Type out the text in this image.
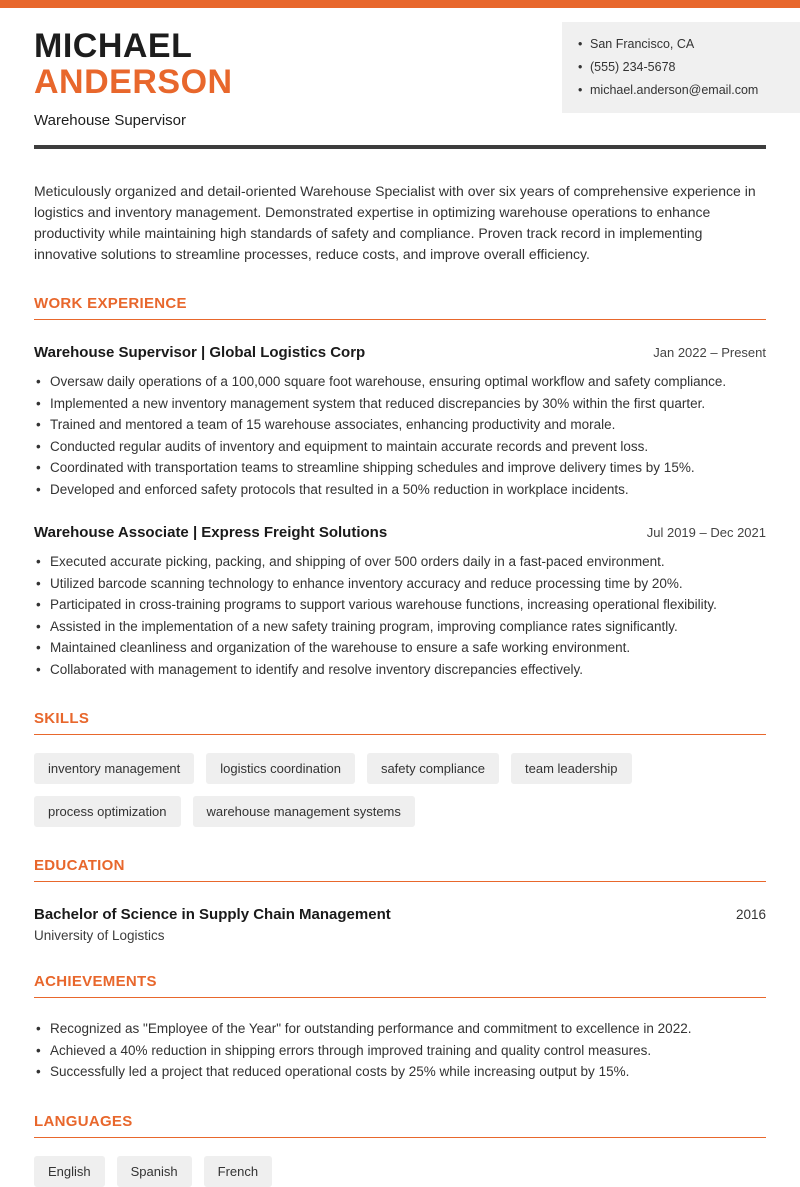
MICHAEL
ANDERSON
Warehouse Supervisor
• San Francisco, CA
• (555) 234-5678
• michael.anderson@email.com

Meticulously organized and detail-oriented Warehouse Specialist with over six years of comprehensive experience in logistics and inventory management. Demonstrated expertise in optimizing warehouse operations to enhance productivity while maintaining high standards of safety and compliance. Proven track record in implementing innovative solutions to streamline processes, reduce costs, and improve overall efficiency.

WORK EXPERIENCE
Warehouse Supervisor | Global Logistics Corp	Jan 2022 – Present
• Oversaw daily operations of a 100,000 square foot warehouse, ensuring optimal workflow and safety compliance.
• Implemented a new inventory management system that reduced discrepancies by 30% within the first quarter.
• Trained and mentored a team of 15 warehouse associates, enhancing productivity and morale.
• Conducted regular audits of inventory and equipment to maintain accurate records and prevent loss.
• Coordinated with transportation teams to streamline shipping schedules and improve delivery times by 15%.
• Developed and enforced safety protocols that resulted in a 50% reduction in workplace incidents.
Warehouse Associate | Express Freight Solutions	Jul 2019 – Dec 2021
• Executed accurate picking, packing, and shipping of over 500 orders daily in a fast-paced environment.
• Utilized barcode scanning technology to enhance inventory accuracy and reduce processing time by 20%.
• Participated in cross-training programs to support various warehouse functions, increasing operational flexibility.
• Assisted in the implementation of a new safety training program, improving compliance rates significantly.
• Maintained cleanliness and organization of the warehouse to ensure a safe working environment.
• Collaborated with management to identify and resolve inventory discrepancies effectively.
SKILLS
inventory management	logistics coordination	safety compliance	team leadership
process optimization	warehouse management systems
EDUCATION
Bachelor of Science in Supply Chain Management	2016
University of Logistics
ACHIEVEMENTS
• Recognized as "Employee of the Year" for outstanding performance and commitment to excellence in 2022.
• Achieved a 40% reduction in shipping errors through improved training and quality control measures.
• Successfully led a project that reduced operational costs by 25% while increasing output by 15%.
LANGUAGES
English	Spanish	French
